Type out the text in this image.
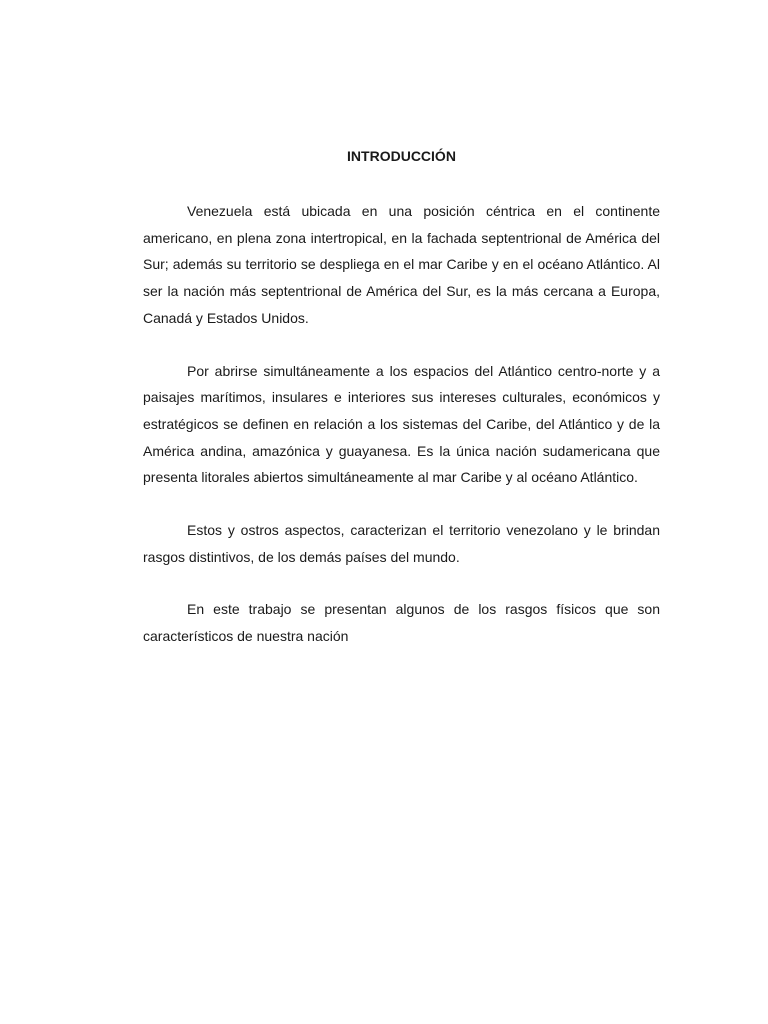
INTRODUCCIÓN

Venezuela está ubicada en una posición céntrica en el continente americano, en plena zona intertropical, en la fachada septentrional de América del Sur; además su territorio se despliega en el mar Caribe y en el océano Atlántico. Al ser la nación más septentrional de América del Sur, es la más cercana a Europa, Canadá y Estados Unidos.

Por abrirse simultáneamente a los espacios del Atlántico centro-norte y a paisajes marítimos, insulares e interiores sus intereses culturales, económicos y estratégicos se definen en relación a los sistemas del Caribe, del Atlántico y de la América andina, amazónica y guayanesa. Es la única nación sudamericana que presenta litorales abiertos simultáneamente al mar Caribe y al océano Atlántico.

Estos y ostros aspectos, caracterizan el territorio venezolano y le brindan rasgos distintivos, de los demás países del mundo.

En este trabajo se presentan algunos de los rasgos físicos que son característicos de nuestra nación
